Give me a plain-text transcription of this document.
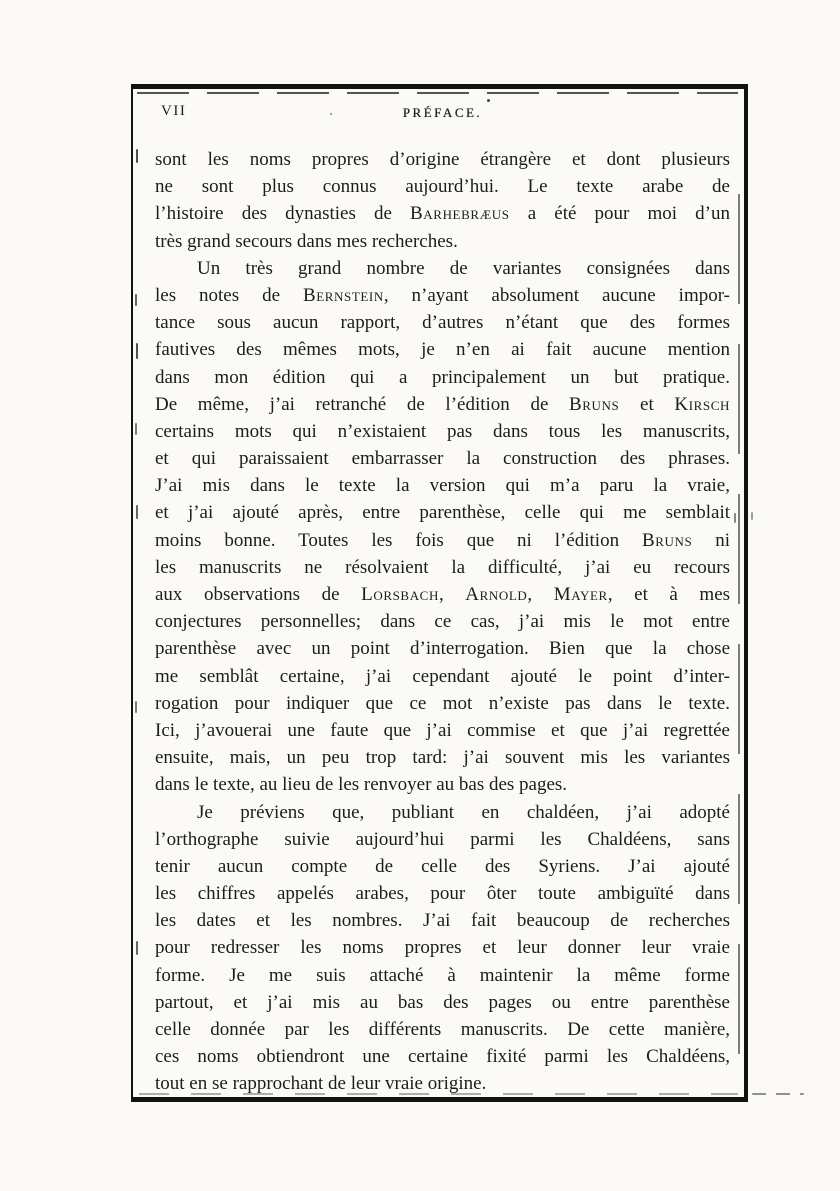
VII	PRÉFACE.
sont les noms propres d’origine étrangère et dont plusieurs
ne sont plus connus aujourd’hui. Le texte arabe de
l’histoire des dynasties de Barhebræus a été pour moi d’un
très grand secours dans mes recherches.
Un très grand nombre de variantes consignées dans
les notes de Bernstein, n’ayant absolument aucune impor-
tance sous aucun rapport, d’autres n’étant que des formes
fautives des mêmes mots, je n’en ai fait aucune mention
dans mon édition qui a principalement un but pratique.
De même, j’ai retranché de l’édition de Bruns et Kirsch
certains mots qui n’existaient pas dans tous les manuscrits,
et qui paraissaient embarrasser la construction des phrases.
J’ai mis dans le texte la version qui m’a paru la vraie,
et j’ai ajouté après, entre parenthèse, celle qui me semblait
moins bonne. Toutes les fois que ni l’édition Bruns ni
les manuscrits ne résolvaient la difficulté, j’ai eu recours
aux observations de Lorsbach, Arnold, Mayer, et à mes
conjectures personnelles; dans ce cas, j’ai mis le mot entre
parenthèse avec un point d’interrogation. Bien que la chose
me semblât certaine, j’ai cependant ajouté le point d’inter-
rogation pour indiquer que ce mot n’existe pas dans le texte.
Ici, j’avouerai une faute que j’ai commise et que j’ai regrettée
ensuite, mais, un peu trop tard: j’ai souvent mis les variantes
dans le texte, au lieu de les renvoyer au bas des pages.
Je préviens que, publiant en chaldéen, j’ai adopté
l’orthographe suivie aujourd’hui parmi les Chaldéens, sans
tenir aucun compte de celle des Syriens. J’ai ajouté
les chiffres appelés arabes, pour ôter toute ambiguïté dans
les dates et les nombres. J’ai fait beaucoup de recherches
pour redresser les noms propres et leur donner leur vraie
forme. Je me suis attaché à maintenir la même forme
partout, et j’ai mis au bas des pages ou entre parenthèse
celle donnée par les différents manuscrits. De cette manière,
ces noms obtiendront une certaine fixité parmi les Chaldéens,
tout en se rapprochant de leur vraie origine.
